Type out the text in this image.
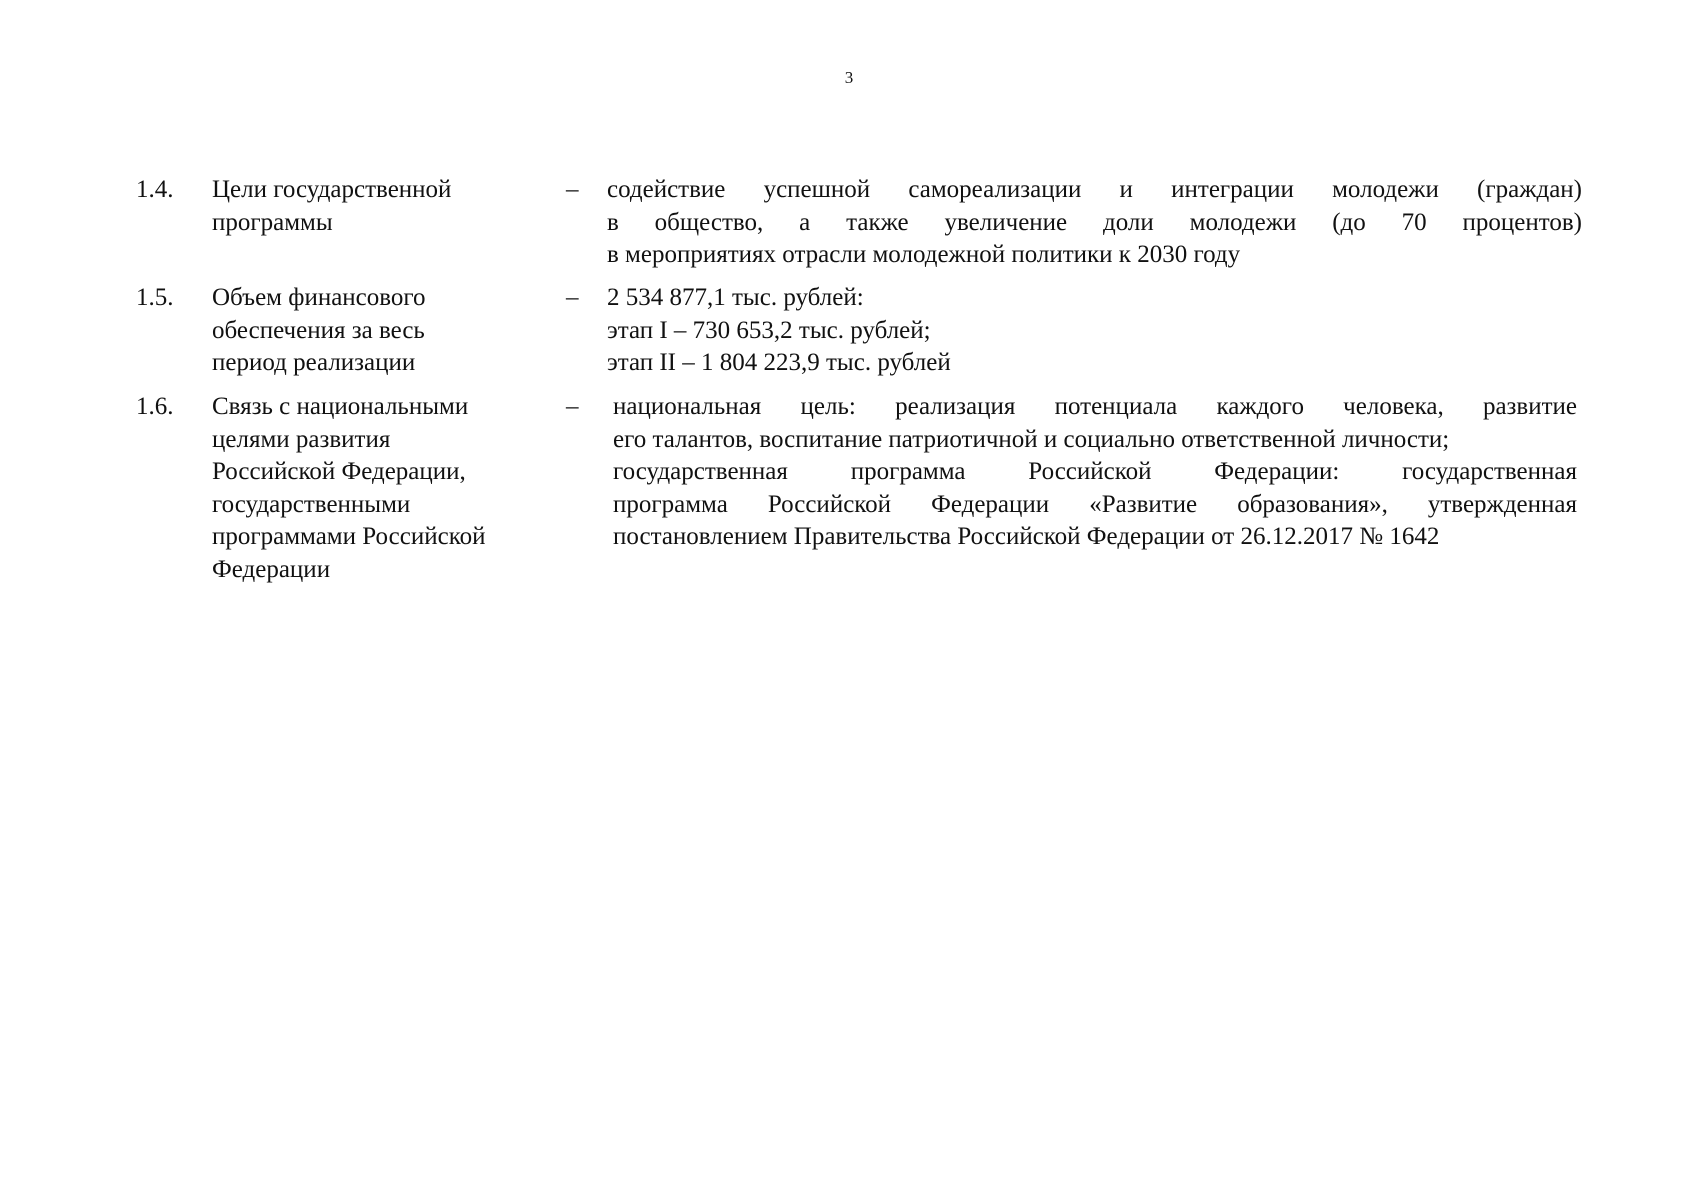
3
1.4.	Цели государственной
программы
–	содействие успешной самореализации и интеграции молодежи (граждан)
в общество, а также увеличение доли молодежи (до 70 процентов)
в мероприятиях отрасли молодежной политики к 2030 году
1.5.	Объем финансового
обеспечения за весь
период реализации
–	2 534 877,1 тыс. рублей:
этап I – 730 653,2 тыс. рублей;
этап II – 1 804 223,9 тыс. рублей
1.6.	Связь с национальными
целями развития
Российской Федерации,
государственными
программами Российской
Федерации
–	национальная цель: реализация потенциала каждого человека, развитие
его талантов, воспитание патриотичной и социально ответственной личности;
государственная программа Российской Федерации: государственная
программа Российской Федерации «Развитие образования», утвержденная
постановлением Правительства Российской Федерации от 26.12.2017 № 1642
